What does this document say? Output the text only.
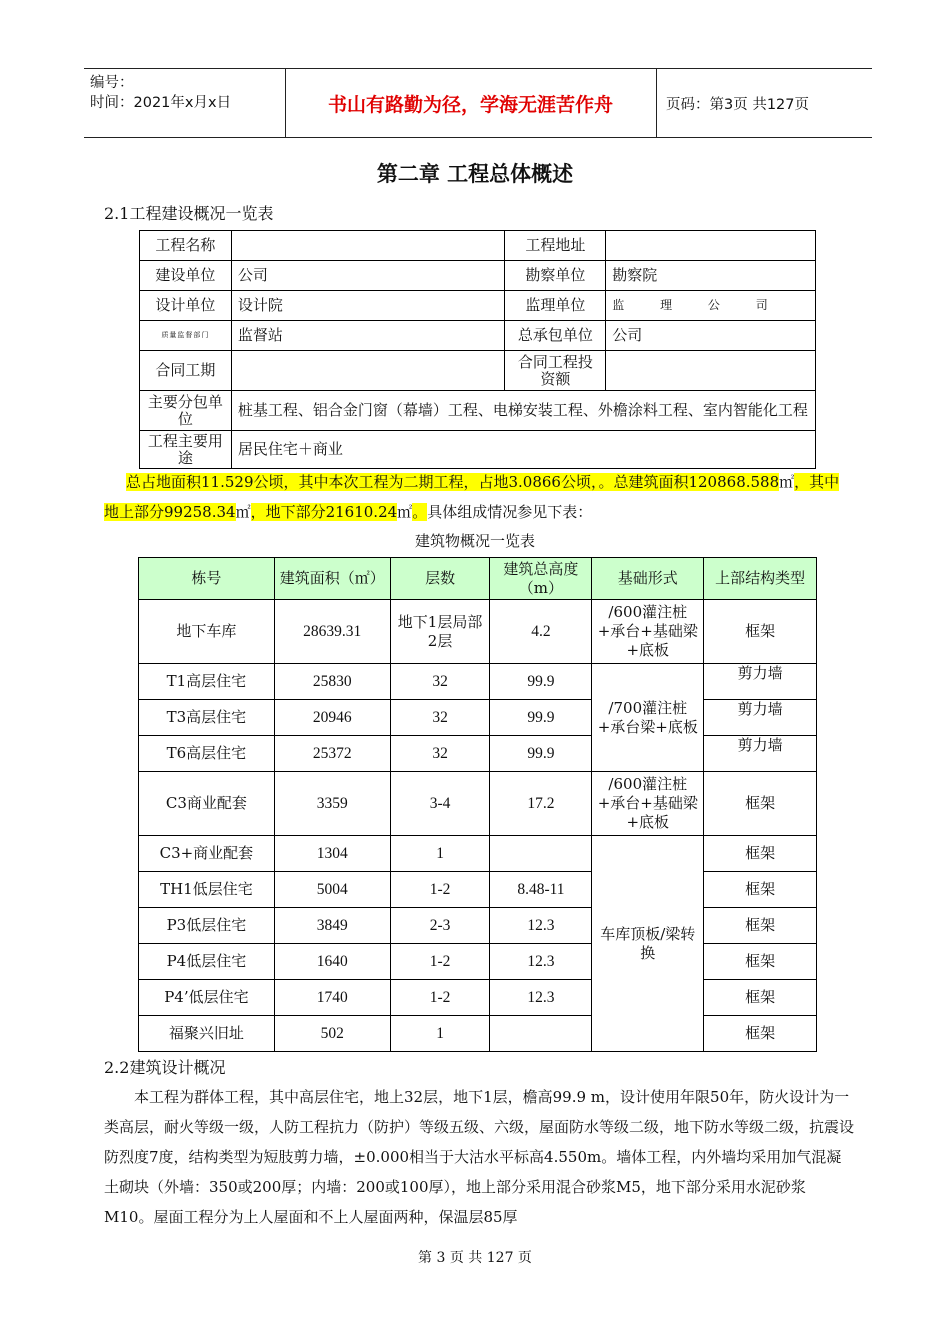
编号：
时间：2021年x月x日	书山有路勤为径，学海无涯苦作舟	页码：第3页 共127页
第二章 工程总体概述
2.1工程建设概况一览表
工程名称		工程地址	
建设单位	公司	勘察单位	勘察院
设计单位	设计院	监理单位	监 理 公 司
质量监督部门	监督站	总承包单位	公司
合同工期		合同工程投资额	
主要分包单位	桩基工程、铝合金门窗（幕墙）工程、电梯安装工程、外檐涂料工程、室内智能化工程		
工程主要用途	居民住宅＋商业		
总占地面积11.529公顷，其中本次工程为二期工程，占地3.0866公顷，。总建筑面积120868.588㎡，其中地上部分99258.34㎡，地下部分21610.24㎡。具体组成情况参见下表：
建筑物概况一览表
栋号	建筑面积（㎡）	层数	建筑总高度（m）	基础形式	上部结构类型
地下车库	28639.31	地下1层局部2层	4.2	/600灌注桩+承台+基础梁+底板	框架
T1高层住宅	25830	32	99.9	/700灌注桩+承台梁+底板	剪力墙
T3高层住宅	20946	32	99.9		剪力墙
T6高层住宅	25372	32	99.9		剪力墙
C3商业配套	3359	3-4	17.2	/600灌注桩+承台+基础梁+底板	框架
C3+商业配套	1304	1		车库顶板/梁转换	框架
TH1低层住宅	5004	1-2	8.48-11		框架
P3低层住宅	3849	2-3	12.3		框架
P4低层住宅	1640	1-2	12.3		框架
P4’低层住宅	1740	1-2	12.3		框架
福聚兴旧址	502	1			框架
2.2建筑设计概况
本工程为群体工程，其中高层住宅，地上32层，地下1层，檐高99.9 m，设计使用年限50年，防火设计为一类高层，耐火等级一级，人防工程抗力（防护）等级五级、六级，屋面防水等级二级，地下防水等级二级，抗震设防烈度7度，结构类型为短肢剪力墙，±0.000相当于大沽水平标高4.550m。墙体工程，内外墙均采用加气混凝土砌块（外墙：350或200厚；内墙：200或100厚），地上部分采用混合砂浆M5，地下部分采用水泥砂浆M10。屋面工程分为上人屋面和不上人屋面两种，保温层85厚
第 3 页 共 127 页
